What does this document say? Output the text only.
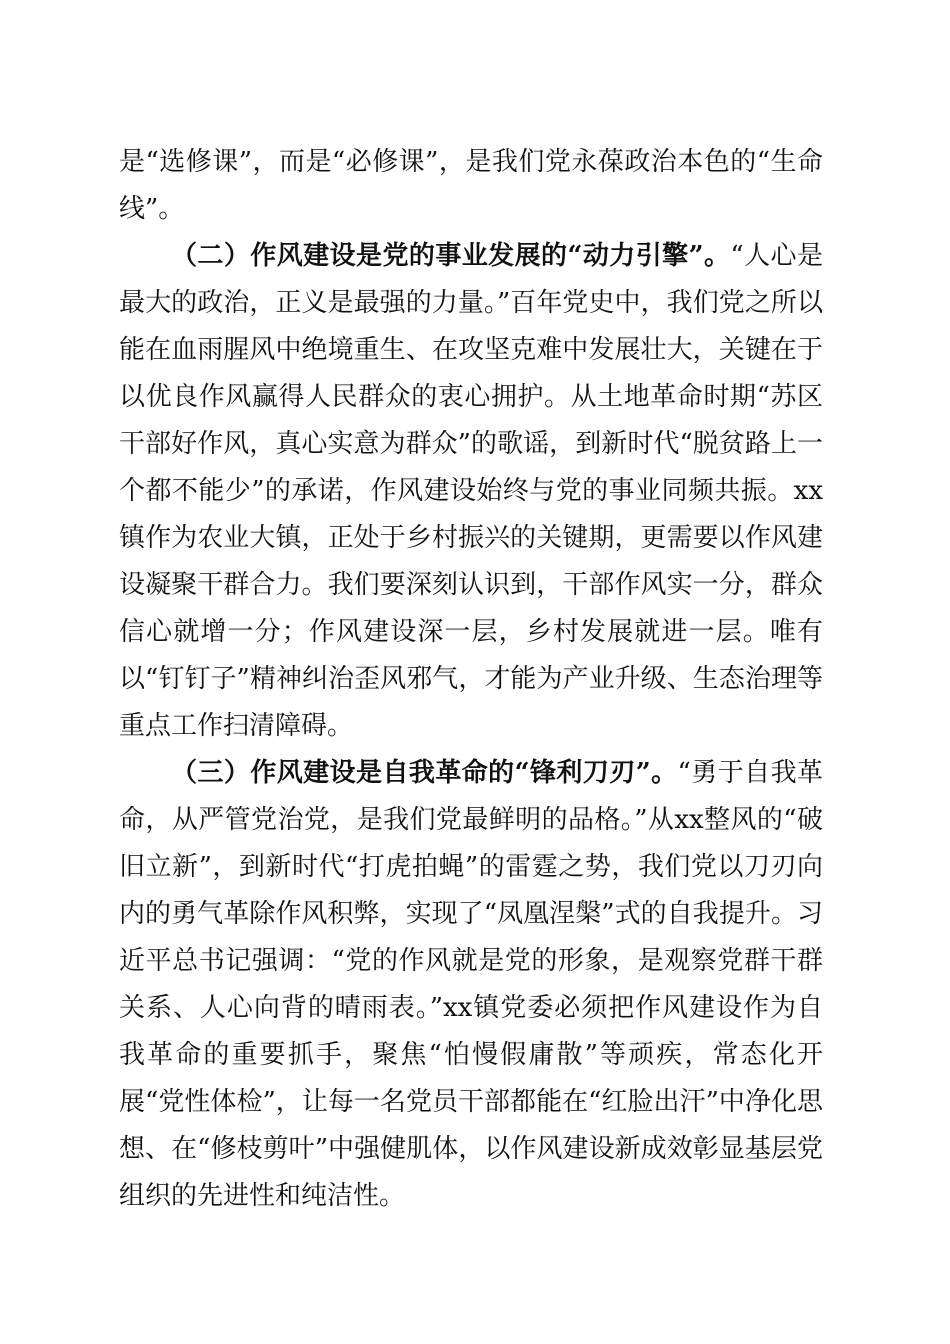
是“选修课”，而是“必修课”，是我们党永葆政治本色的“生命线”。

（二）作风建设是党的事业发展的“动力引擎”。“人心是最大的政治，正义是最强的力量。”百年党史中，我们党之所以能在血雨腥风中绝境重生、在攻坚克难中发展壮大，关键在于以优良作风赢得人民群众的衷心拥护。从土地革命时期“苏区干部好作风，真心实意为群众”的歌谣，到新时代“脱贫路上一个都不能少”的承诺，作风建设始终与党的事业同频共振。xx镇作为农业大镇，正处于乡村振兴的关键期，更需要以作风建设凝聚干群合力。我们要深刻认识到，干部作风实一分，群众信心就增一分；作风建设深一层，乡村发展就进一层。唯有以“钉钉子”精神纠治歪风邪气，才能为产业升级、生态治理等重点工作扫清障碍。

（三）作风建设是自我革命的“锋利刀刃”。“勇于自我革命，从严管党治党，是我们党最鲜明的品格。”从xx整风的“破旧立新”，到新时代“打虎拍蝇”的雷霆之势，我们党以刀刃向内的勇气革除作风积弊，实现了“凤凰涅槃”式的自我提升。习近平总书记强调：“党的作风就是党的形象，是观察党群干群关系、人心向背的晴雨表。”xx镇党委必须把作风建设作为自我革命的重要抓手，聚焦“怕慢假庸散”等顽疾，常态化开展“党性体检”，让每一名党员干部都能在“红脸出汗”中净化思想、在“修枝剪叶”中强健肌体，以作风建设新成效彰显基层党组织的先进性和纯洁性。
